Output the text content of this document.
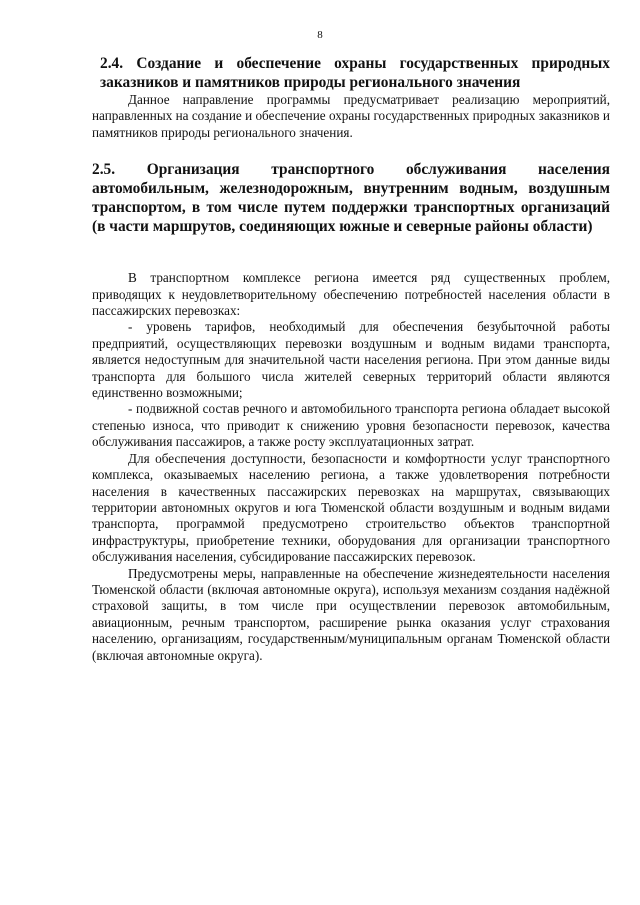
8

2.4. Создание и обеспечение охраны государственных природных заказников и памятников природы регионального значения

Данное направление программы предусматривает реализацию мероприятий, направленных на создание и обеспечение охраны государственных природных заказников и памятников природы регионального значения.

2.5. Организация транспортного обслуживания населения автомобильным, железнодорожным, внутренним водным, воздушным транспортом, в том числе путем поддержки транспортных организаций (в части маршрутов, соединяющих южные и северные районы области)

В транспортном комплексе региона имеется ряд существенных проблем, приводящих к неудовлетворительному обеспечению потребностей населения области в пассажирских перевозках:

- уровень тарифов, необходимый для обеспечения безубыточной работы предприятий, осуществляющих перевозки воздушным и водным видами транспорта, является недоступным для значительной части населения региона. При этом данные виды транспорта для большого числа жителей северных территорий области являются единственно возможными;

- подвижной состав речного и автомобильного транспорта региона обладает высокой степенью износа, что приводит к снижению уровня безопасности перевозок, качества обслуживания пассажиров, а также росту эксплуатационных затрат.

Для обеспечения доступности, безопасности и комфортности услуг транспортного комплекса, оказываемых населению региона, а также удовлетворения потребности населения в качественных пассажирских перевозках на маршрутах, связывающих территории автономных округов и юга Тюменской области воздушным и водным видами транспорта, программой предусмотрено строительство объектов транспортной инфраструктуры, приобретение техники, оборудования для организации транспортного обслуживания населения, субсидирование пассажирских перевозок.

Предусмотрены меры, направленные на обеспечение жизнедеятельности населения Тюменской области (включая автономные округа), используя механизм создания надёжной страховой защиты, в том числе при осуществлении перевозок автомобильным, авиационным, речным транспортом, расширение рынка оказания услуг страхования населению, организациям, государственным/муниципальным органам Тюменской области (включая автономные округа).
